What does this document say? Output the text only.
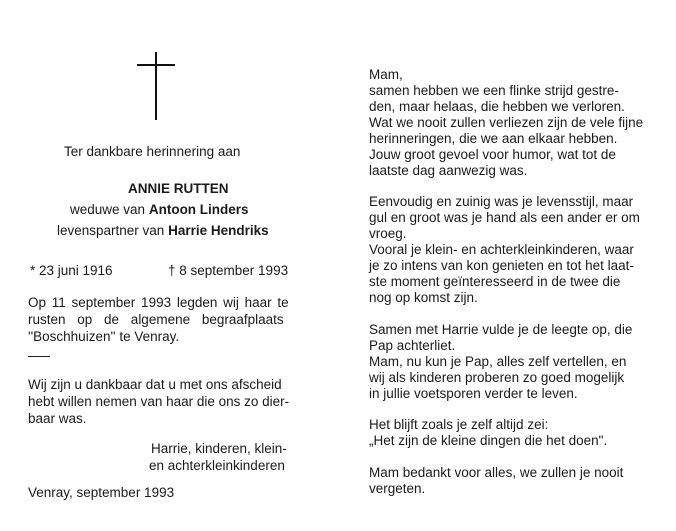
Ter dankbare herinnering aan
ANNIE RUTTEN
weduwe van Antoon Linders
levenspartner van Harrie Hendriks
* 23 juni 1916	† 8 september 1993
Op 11 september 1993 legden wij haar te
rusten op de algemene begraafplaats
''Boschhuizen'' te Venray.
Wij zijn u dankbaar dat u met ons afscheid
hebt willen nemen van haar die ons zo dier-
baar was.
Harrie, kinderen, klein-
en achterkleinkinderen
Venray, september 1993
Mam,
samen hebben we een flinke strijd gestre-
den, maar helaas, die hebben we verloren.
Wat we nooit zullen verliezen zijn de vele fijne
herinneringen, die we aan elkaar hebben.
Jouw groot gevoel voor humor, wat tot de
laatste dag aanwezig was.
Eenvoudig en zuinig was je levensstijl, maar
gul en groot was je hand als een ander er om
vroeg.
Vooral je klein- en achterkleinkinderen, waar
je zo intens van kon genieten en tot het laat-
ste moment geïnteresseerd in de twee die
nog op komst zijn.
Samen met Harrie vulde je de leegte op, die
Pap achterliet.
Mam, nu kun je Pap, alles zelf vertellen, en
wij als kinderen proberen zo goed mogelijk
in jullie voetsporen verder te leven.
Het blijft zoals je zelf altijd zei:
„Het zijn de kleine dingen die het doen".
Mam bedankt voor alles, we zullen je nooit
vergeten.
